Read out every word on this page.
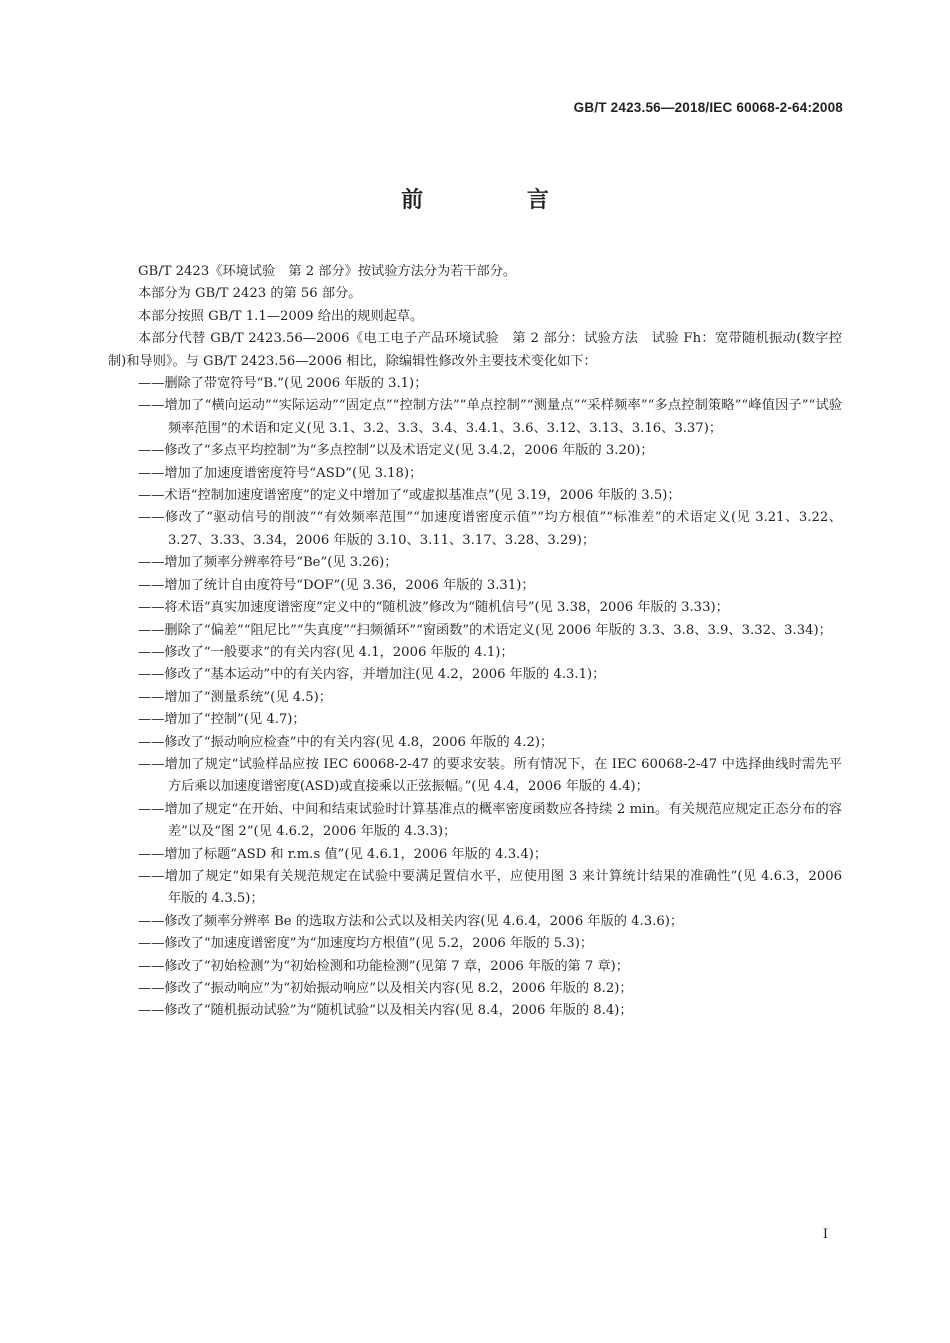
GB/T 2423.56—2018/IEC 60068-2-64:2008
前 言

GB/T 2423《环境试验　第 2 部分》按试验方法分为若干部分。

本部分为 GB/T 2423 的第 56 部分。

本部分按照 GB/T 1.1—2009 给出的规则起草。

本部分代替 GB/T 2423.56—2006《电工电子产品环境试验　第 2 部分：试验方法　试验 Fh：宽带随机振动(数字控制)和导则》。与 GB/T 2423.56—2006 相比，除编辑性修改外主要技术变化如下：

——删除了带宽符号“B.”(见 2006 年版的 3.1)；
——增加了“横向运动”“实际运动”“固定点”“控制方法”“单点控制”“测量点”“采样频率”“多点控制策略”“峰值因子”“试验频率范围”的术语和定义(见 3.1、3.2、3.3、3.4、3.4.1、3.6、3.12、3.13、3.16、3.37)；
——修改了“多点平均控制”为“多点控制”以及术语定义(见 3.4.2，2006 年版的 3.20)；
——增加了加速度谱密度符号“ASD”(见 3.18)；
——术语“控制加速度谱密度”的定义中增加了“或虚拟基准点”(见 3.19，2006 年版的 3.5)；
——修改了“驱动信号的削波”“有效频率范围”“加速度谱密度示值”“均方根值”“标准差”的术语定义(见 3.21、3.22、3.27、3.33、3.34，2006 年版的 3.10、3.11、3.17、3.28、3.29)；
——增加了频率分辨率符号“Be”(见 3.26)；
——增加了统计自由度符号“DOF”(见 3.36，2006 年版的 3.31)；
——将术语“真实加速度谱密度”定义中的“随机波”修改为“随机信号”(见 3.38，2006 年版的 3.33)；
——删除了“偏差”“阻尼比”“失真度”“扫频循环”“窗函数”的术语定义(见 2006 年版的 3.3、3.8、3.9、3.32、3.34)；
——修改了“一般要求”的有关内容(见 4.1，2006 年版的 4.1)；
——修改了“基本运动”中的有关内容，并增加注(见 4.2，2006 年版的 4.3.1)；
——增加了“测量系统”(见 4.5)；
——增加了“控制”(见 4.7)；
——修改了“振动响应检查”中的有关内容(见 4.8，2006 年版的 4.2)；
——增加了规定“试验样品应按 IEC 60068-2-47 的要求安装。所有情况下，在 IEC 60068-2-47 中选择曲线时需先平方后乘以加速度谱密度(ASD)或直接乘以正弦振幅。”(见 4.4，2006 年版的 4.4)；
——增加了规定“在开始、中间和结束试验时计算基准点的概率密度函数应各持续 2 min。有关规范应规定正态分布的容差”以及“图 2”(见 4.6.2，2006 年版的 4.3.3)；
——增加了标题“ASD 和 r.m.s 值”(见 4.6.1，2006 年版的 4.3.4)；
——增加了规定“如果有关规范规定在试验中要满足置信水平，应使用图 3 来计算统计结果的准确性”(见 4.6.3，2006 年版的 4.3.5)；
——修改了频率分辨率 Be 的选取方法和公式以及相关内容(见 4.6.4，2006 年版的 4.3.6)；
——修改了“加速度谱密度”为“加速度均方根值”(见 5.2，2006 年版的 5.3)；
——修改了“初始检测”为“初始检测和功能检测”(见第 7 章，2006 年版的第 7 章)；
——修改了“振动响应”为“初始振动响应”以及相关内容(见 8.2，2006 年版的 8.2)；
——修改了“随机振动试验”为“随机试验”以及相关内容(见 8.4，2006 年版的 8.4)；
I
